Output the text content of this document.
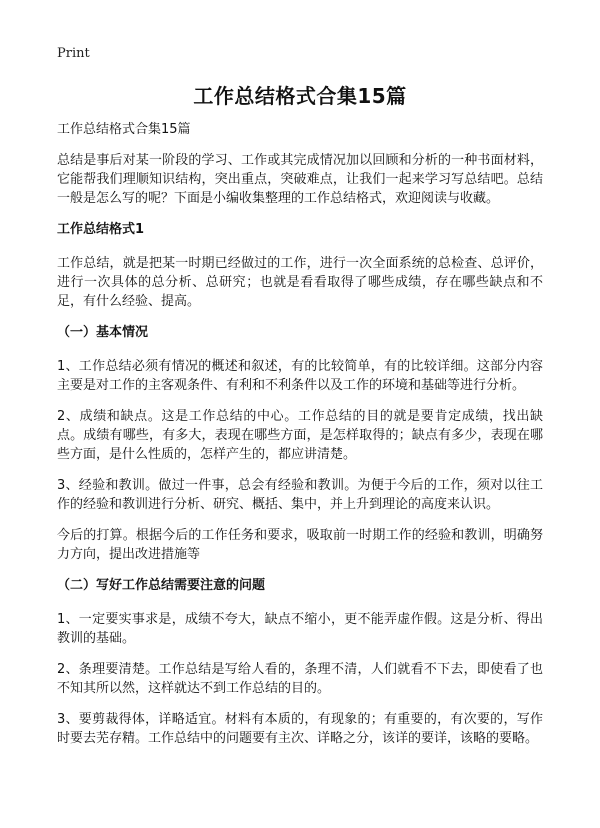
Print
工作总结格式合集15篇

工作总结格式合集15篇

总结是事后对某一阶段的学习、工作或其完成情况加以回顾和分析的一种书面材料，它能帮我们理顺知识结构，突出重点，突破难点，让我们一起来学习写总结吧。总结一般是怎么写的呢？下面是小编收集整理的工作总结格式，欢迎阅读与收藏。

工作总结格式1

工作总结，就是把某一时期已经做过的工作，进行一次全面系统的总检查、总评价，进行一次具体的总分析、总研究；也就是看看取得了哪些成绩，存在哪些缺点和不足，有什么经验、提高。

（一）基本情况

1、工作总结必须有情况的概述和叙述，有的比较简单，有的比较详细。这部分内容主要是对工作的主客观条件、有利和不利条件以及工作的环境和基础等进行分析。

2、成绩和缺点。这是工作总结的中心。工作总结的目的就是要肯定成绩，找出缺点。成绩有哪些，有多大，表现在哪些方面，是怎样取得的；缺点有多少，表现在哪些方面，是什么性质的，怎样产生的，都应讲清楚。

3、经验和教训。做过一件事，总会有经验和教训。为便于今后的工作，须对以往工作的经验和教训进行分析、研究、概括、集中，并上升到理论的高度来认识。

今后的打算。根据今后的工作任务和要求，吸取前一时期工作的经验和教训，明确努力方向，提出改进措施等

（二）写好工作总结需要注意的问题

1、一定要实事求是，成绩不夸大，缺点不缩小，更不能弄虚作假。这是分析、得出教训的基础。

2、条理要清楚。工作总结是写给人看的，条理不清，人们就看不下去，即使看了也不知其所以然，这样就达不到工作总结的目的。

3、要剪裁得体，详略适宜。材料有本质的，有现象的；有重要的，有次要的，写作时要去芜存精。工作总结中的问题要有主次、详略之分，该详的要详，该略的要略。
